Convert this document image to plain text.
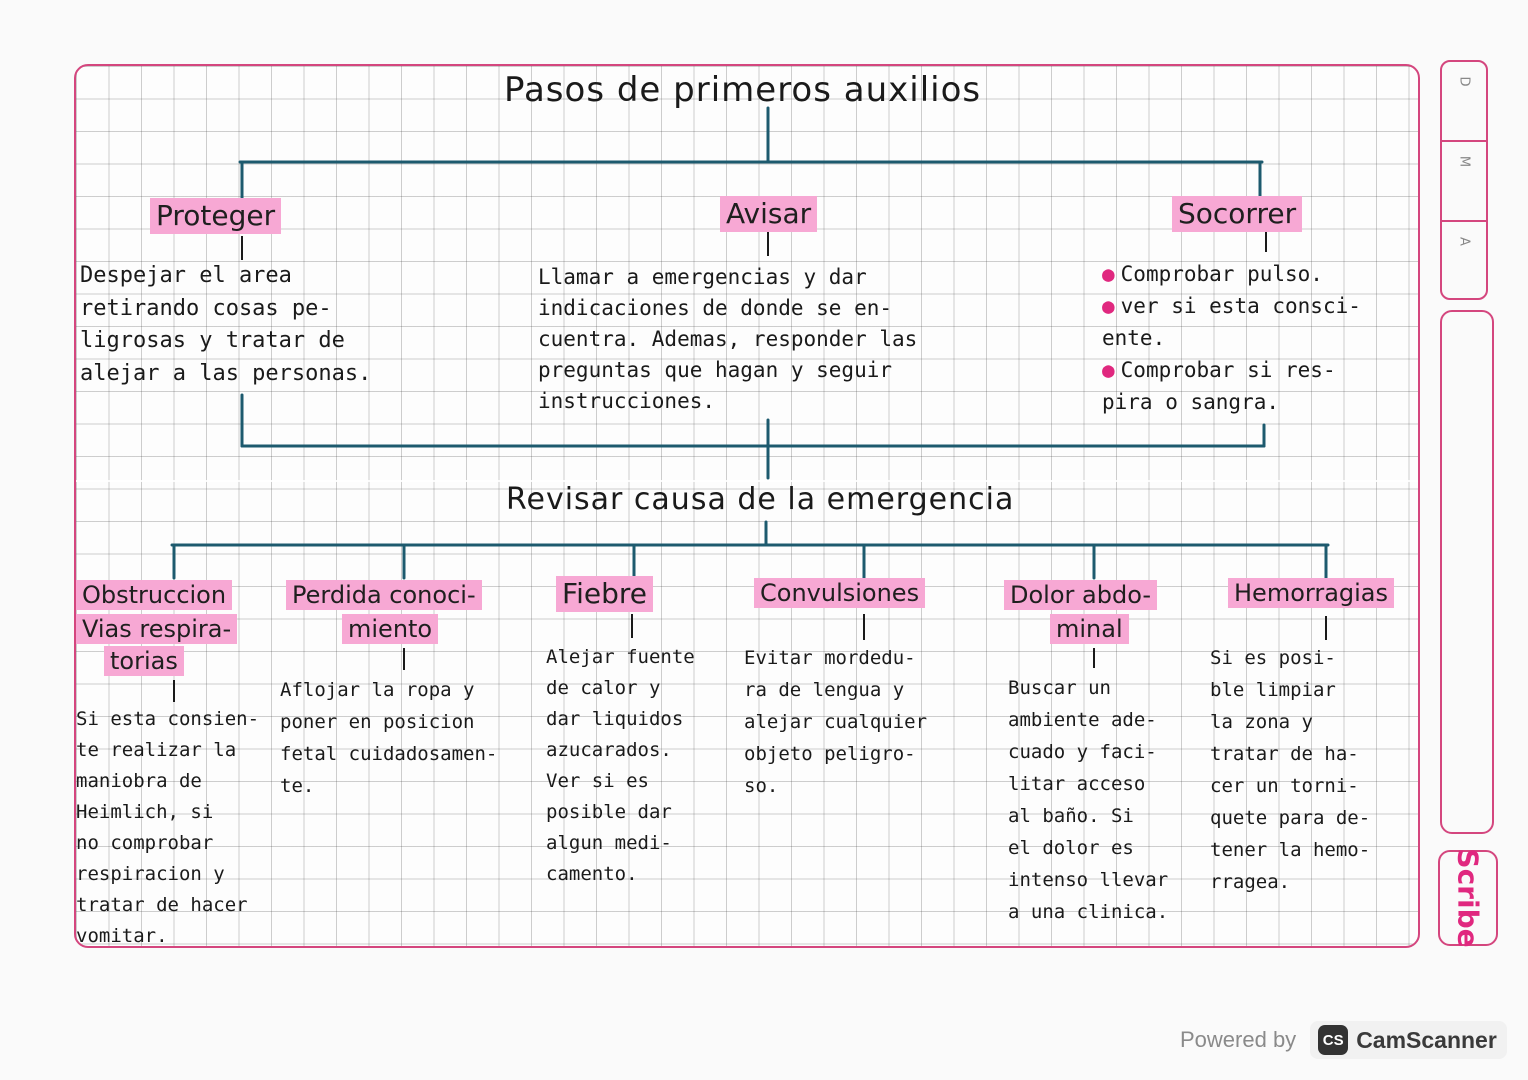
Pasos de primeros auxilios
Proteger	Avisar	Socorrer
Despejar el area
retirando cosas pe-
ligrosas y tratar de
alejar a las personas.
Llamar a emergencias y dar
indicaciones de donde se en-
cuentra. Ademas, responder las
preguntas que hagan y seguir
instrucciones.
● Comprobar pulso.
● ver si esta consci-
ente.
● Comprobar si res-
pira o sangra.
Revisar causa de la emergencia
Obstruccion
Vias respira-
torias
Perdida conoci-
miento
Fiebre	Convulsiones	Dolor abdo-
minal
Hemorragias
Si esta consien-
te realizar la
maniobra de
Heimlich, si
no comprobar
respiracion y
tratar de hacer
vomitar.
Aflojar la ropa y
poner en posicion
fetal cuidadosamen-
te.
Alejar fuente
de calor y
dar liquidos
azucarados.
Ver si es
posible dar
algun medi-
camento.
Evitar mordedu-
ra de lengua y
alejar cualquier
objeto peligro-
so.
Buscar un
ambiente ade-
cuado y faci-
litar acceso
al baño. Si
el dolor es
intenso llevar
a una clinica.
Si es posi-
ble limpiar
la zona y
tratar de ha-
cer un torni-
quete para de-
tener la hemo-
rragea.
D
M
A
Scribe
Powered by	CS CamScanner
